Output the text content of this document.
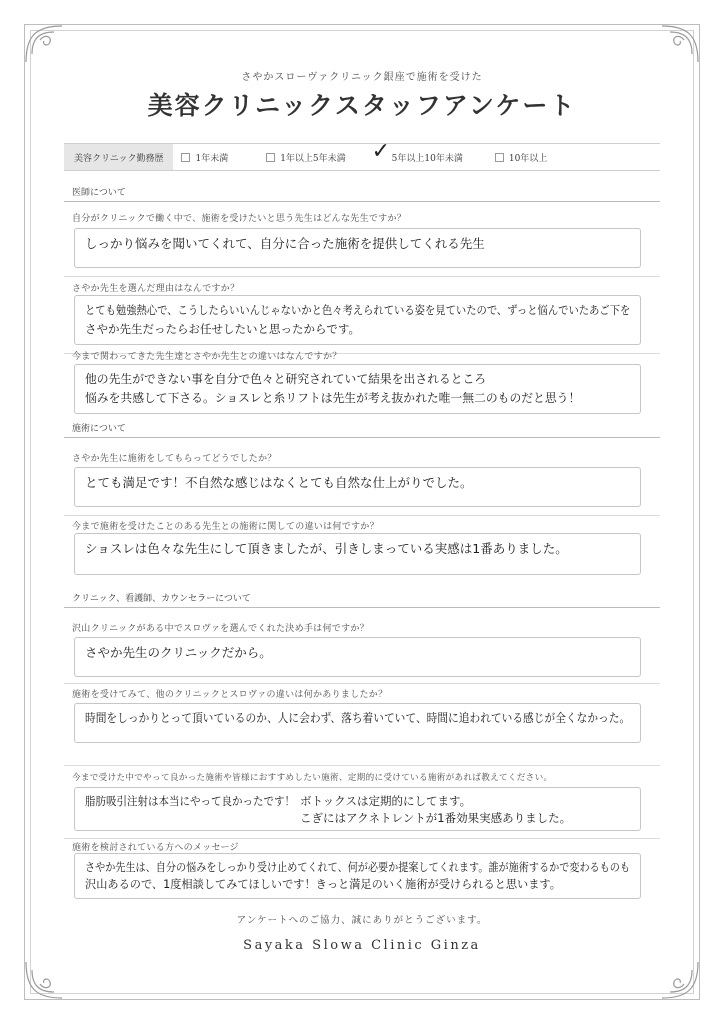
さやかスローヴァクリニック銀座で施術を受けた
美容クリニックスタッフアンケート
美容クリニック勤務歴	1年未満	1年以上5年未満 ✓ 5年以上10年未満	10年以上
医師について
自分がクリニックで働く中で、施術を受けたいと思う先生はどんな先生ですか？
しっかり悩みを聞いてくれて、自分に合った施術を提供してくれる先生
さやか先生を選んだ理由はなんですか？
とても勉強熱心で、こうしたらいいんじゃないかと色々考えられている姿を見ていたので、ずっと悩んでいたあご下を
さやか先生だったらお任せしたいと思ったからです。
今まで関わってきた先生達とさやか先生との違いはなんですか？
他の先生ができない事を自分で色々と研究されていて結果を出されるところ
悩みを共感して下さる。ショスレと糸リフトは先生が考え抜かれた唯一無二のものだと思う！
施術について
さやか先生に施術をしてもらってどうでしたか？
とても満足です！不自然な感じはなくとても自然な仕上がりでした。
今まで施術を受けたことのある先生との施術に関しての違いは何ですか？
ショスレは色々な先生にして頂きましたが、引きしまっている実感は1番ありました。
クリニック、看護師、カウンセラーについて
沢山クリニックがある中でスロヴァを選んでくれた決め手は何ですか？
さやか先生のクリニックだから。
施術を受けてみて、他のクリニックとスロヴァの違いは何かありましたか？
時間をしっかりとって頂いているのか、人に会わず、落ち着いていて、時間に追われている感じが全くなかった。
今まで受けた中でやって良かった施術や皆様におすすめしたい施術、定期的に受けている施術があれば教えてください。
脂肪吸引注射は本当にやって良かったです！ ボトックスは定期的にしてます。
こぎにはアクネトレントが1番効果実感ありました。
施術を検討されている方へのメッセージ
さやか先生は、自分の悩みをしっかり受け止めてくれて、何が必要か提案してくれます。誰が施術するかで変わるものも
沢山あるので、1度相談してみてほしいです！きっと満足のいく施術が受けられると思います。
アンケートへのご協力、誠にありがとうございます。
Sayaka Slowa Clinic Ginza
